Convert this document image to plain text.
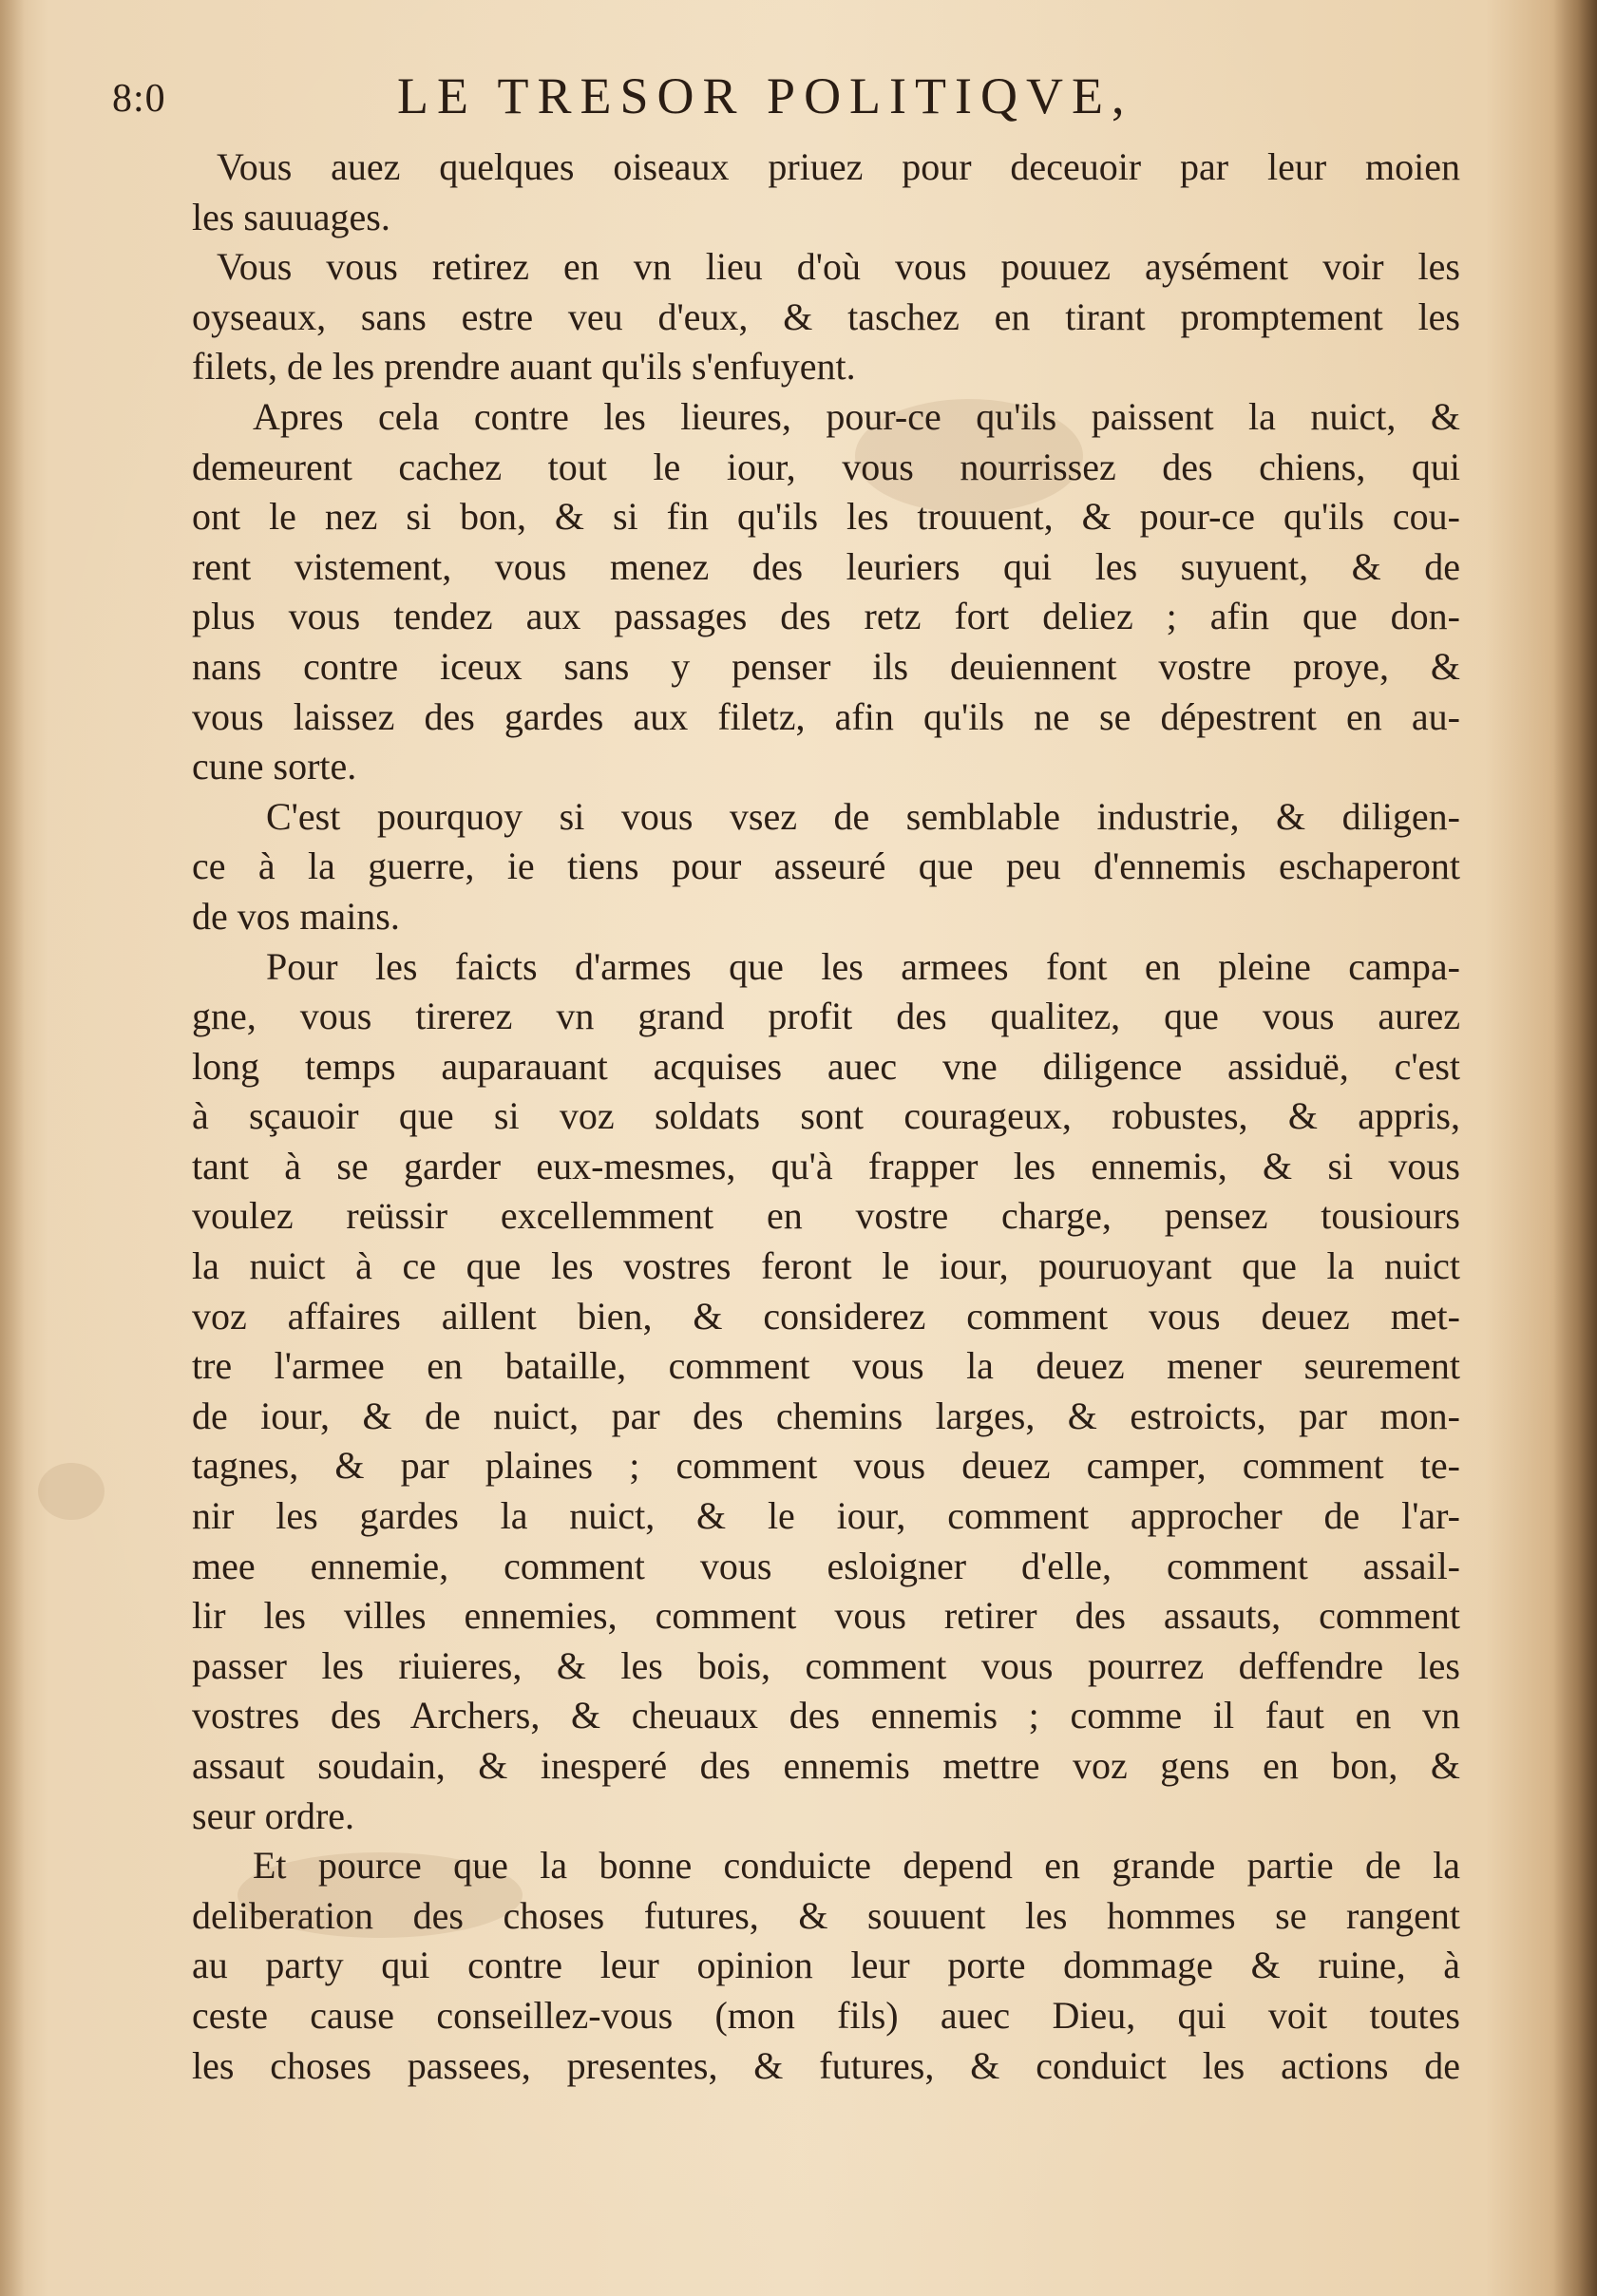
8:0	LE TRESOR POLITIQVE,
Vous auez quelques oiseaux priuez pour deceuoir par leur moien
les sauuages.
Vous vous retirez en vn lieu d'où vous pouuez aysément voir les
oyseaux, sans estre veu d'eux, & taschez en tirant promptement les
filets, de les prendre auant qu'ils s'enfuyent.
Apres cela contre les lieures, pour-ce qu'ils paissent la nuict, &
demeurent cachez tout le iour, vous nourrissez des chiens, qui
ont le nez si bon, & si fin qu'ils les trouuent, & pour-ce qu'ils cou-
rent vistement, vous menez des leuriers qui les suyuent, & de
plus vous tendez aux passages des retz fort deliez ; afin que don-
nans contre iceux sans y penser ils deuiennent vostre proye, &
vous laissez des gardes aux filetz, afin qu'ils ne se dépestrent en au-
cune sorte.
C'est pourquoy si vous vsez de semblable industrie, & diligen-
ce à la guerre, ie tiens pour asseuré que peu d'ennemis eschaperont
de vos mains.
Pour les faicts d'armes que les armees font en pleine campa-
gne, vous tirerez vn grand profit des qualitez, que vous aurez
long temps auparauant acquises auec vne diligence assiduë, c'est
à sçauoir que si voz soldats sont courageux, robustes, & appris,
tant à se garder eux-mesmes, qu'à frapper les ennemis, & si vous
voulez reüssir excellemment en vostre charge, pensez tousiours
la nuict à ce que les vostres feront le iour, pouruoyant que la nuict
voz affaires aillent bien, & considerez comment vous deuez met-
tre l'armee en bataille, comment vous la deuez mener seurement
de iour, & de nuict, par des chemins larges, & estroicts, par mon-
tagnes, & par plaines ; comment vous deuez camper, comment te-
nir les gardes la nuict, & le iour, comment approcher de l'ar-
mee ennemie, comment vous esloigner d'elle, comment assail-
lir les villes ennemies, comment vous retirer des assauts, comment
passer les riuieres, & les bois, comment vous pourrez deffendre les
vostres des Archers, & cheuaux des ennemis ; comme il faut en vn
assaut soudain, & inesperé des ennemis mettre voz gens en bon, &
seur ordre.
Et pource que la bonne conduicte depend en grande partie de la
deliberation des choses futures, & souuent les hommes se rangent
au party qui contre leur opinion leur porte dommage & ruine, à
ceste cause conseillez-vous (mon fils) auec Dieu, qui voit toutes
les choses passees, presentes, & futures, & conduict les actions de
